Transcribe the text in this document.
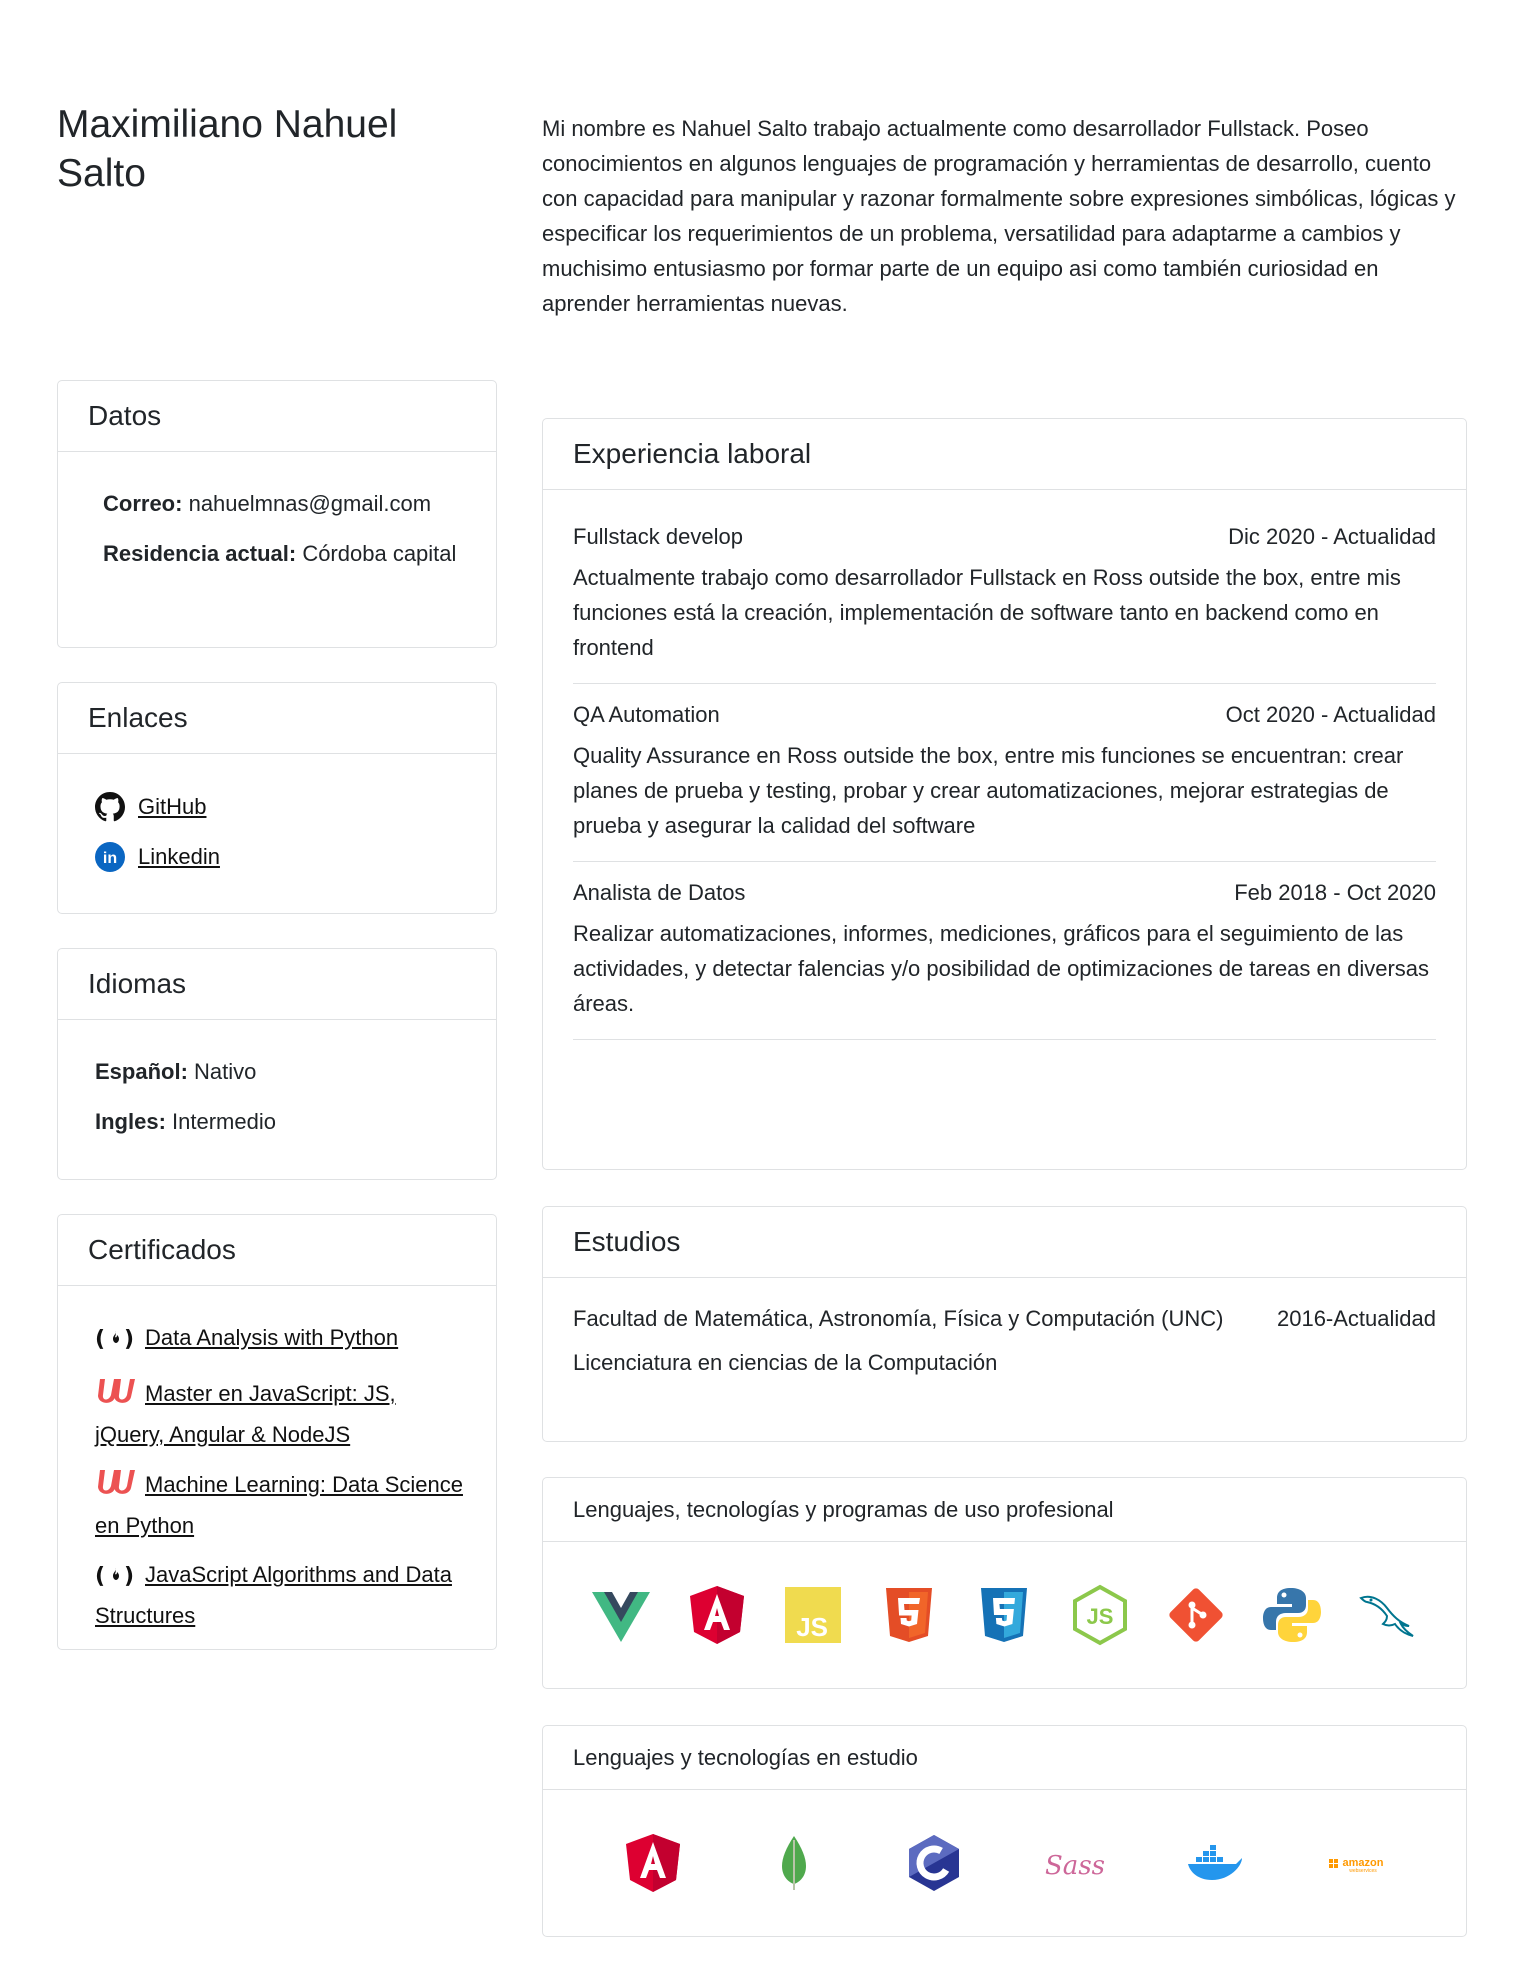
Maximiliano Nahuel Salto

Mi nombre es Nahuel Salto trabajo actualmente como desarrollador Fullstack. Poseo conocimientos en algunos lenguajes de programación y herramientas de desarrollo, cuento con capacidad para manipular y razonar formalmente sobre expresiones simbólicas, lógicas y especificar los requerimientos de un problema, versatilidad para adaptarme a cambios y muchisimo entusiasmo por formar parte de un equipo asi como también curiosidad en aprender herramientas nuevas.

Datos
Correo: nahuelmnas@gmail.com
Residencia actual: Córdoba capital
Enlaces
GitHub
in Linkedin
Idiomas
Español: Nativo
Ingles: Intermedio
Certificados
( ) Data Analysis with Python
Master en JavaScript: JS, jQuery, Angular & NodeJS
Machine Learning: Data Science en Python
( ) JavaScript Algorithms and Data Structures
Experiencia laboral
Fullstack develop	Dic 2020 - Actualidad
Actualmente trabajo como desarrollador Fullstack en Ross outside the box, entre mis funciones está la creación, implementación de software tanto en backend como en frontend
QA Automation	Oct 2020 - Actualidad
Quality Assurance en Ross outside the box, entre mis funciones se encuentran: crear planes de prueba y testing, probar y crear automatizaciones, mejorar estrategias de prueba y asegurar la calidad del software
Analista de Datos	Feb 2018 - Oct 2020
Realizar automatizaciones, informes, mediciones, gráficos para el seguimiento de las actividades, y detectar falencias y/o posibilidad de optimizaciones de tareas en diversas áreas.
Estudios
Facultad de Matemática, Astronomía, Física y Computación (UNC) 2016-Actualidad
Licenciatura en ciencias de la Computación
Lenguajes, tecnologías y programas de uso profesional
JS	JS
Lenguajes y tecnologías en estudio
Sass	amazon
webservices
